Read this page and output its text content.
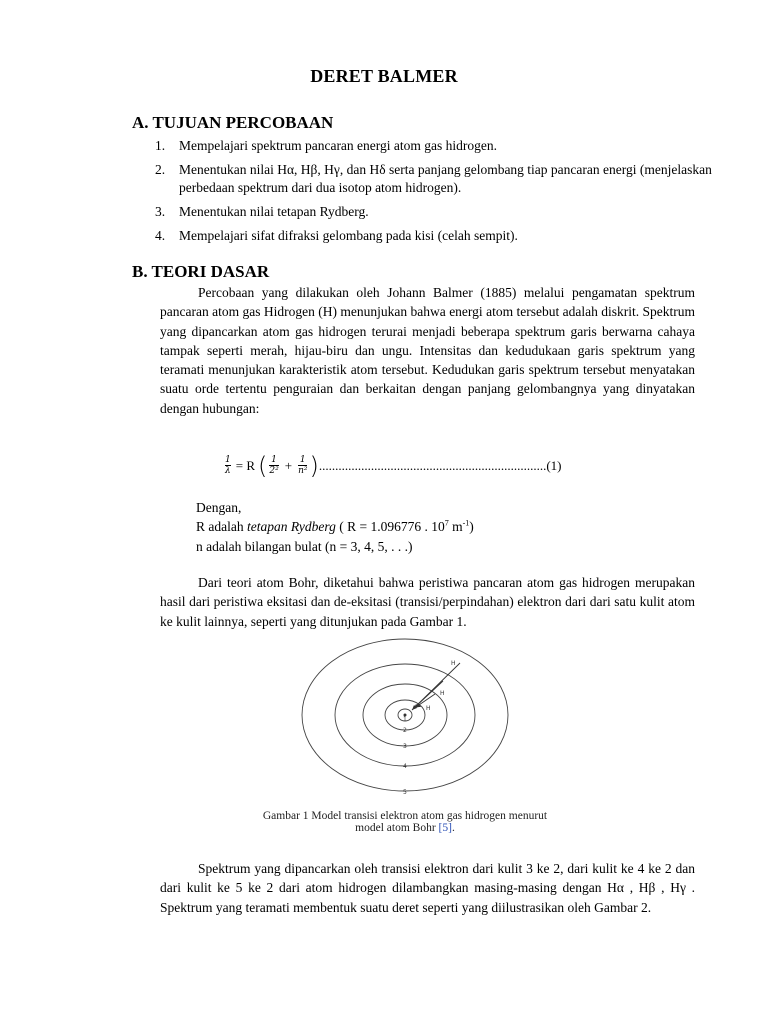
DERET BALMER
A. TUJUAN PERCOBAAN
1.	Mempelajari spektrum pancaran energi atom gas hidrogen.
2.	Menentukan nilai Hα, Hβ, Hγ, dan Hδ serta panjang gelombang tiap pancaran energi (menjelaskan perbedaan spektrum dari dua isotop atom hidrogen).
3.	Menentukan nilai tetapan Rydberg.
4.	Mempelajari sifat difraksi gelombang pada kisi (celah sempit).
B. TEORI DASAR
Percobaan yang dilakukan oleh Johann Balmer (1885) melalui pengamatan spektrum pancaran atom gas Hidrogen (H) menunjukan bahwa energi atom tersebut adalah diskrit. Spektrum yang dipancarkan atom gas hidrogen terurai menjadi beberapa spektrum garis berwarna cahaya tampak seperti merah, hijau-biru dan ungu. Intensitas dan kedudukaan garis spektrum yang teramati menunjukan karakteristik atom tersebut. Kedudukan garis spektrum tersebut menyatakan suatu orde tertentu penguraian dan berkaitan dengan panjang gelombangnya yang dinyatakan dengan hubungan:
$\frac{1}{\lambda} = R$ ( $\frac{1}{\text{2²}} + \frac{1}{\text{n²}}$ ) ...................................................................... (1)
Dengan,
R adalah tetapan Rydberg ( R = 1.096776 . $10^7$ $m^{-1}$)
n adalah bilangan bulat (n = 3, 4, 5, . . .)
Dari teori atom Bohr, diketahui bahwa peristiwa pancaran atom gas hidrogen merupakan hasil dari peristiwa eksitasi dan de-eksitasi (transisi/perpindahan) elektron dari dari satu kulit atom ke kulit lainnya, seperti yang ditunjukan pada Gambar 1.
1
2
3
4
5
H
H
H
Gambar 1 Model transisi elektron atom gas hidrogen menurut
model atom Bohr [5].
Spektrum yang dipancarkan oleh transisi elektron dari kulit 3 ke 2, dari kulit ke 4 ke 2 dan dari kulit ke 5 ke 2 dari atom hidrogen dilambangkan masing-masing dengan Hα , Hβ , Hγ . Spektrum yang teramati membentuk suatu deret seperti yang diilustrasikan oleh Gambar 2.
